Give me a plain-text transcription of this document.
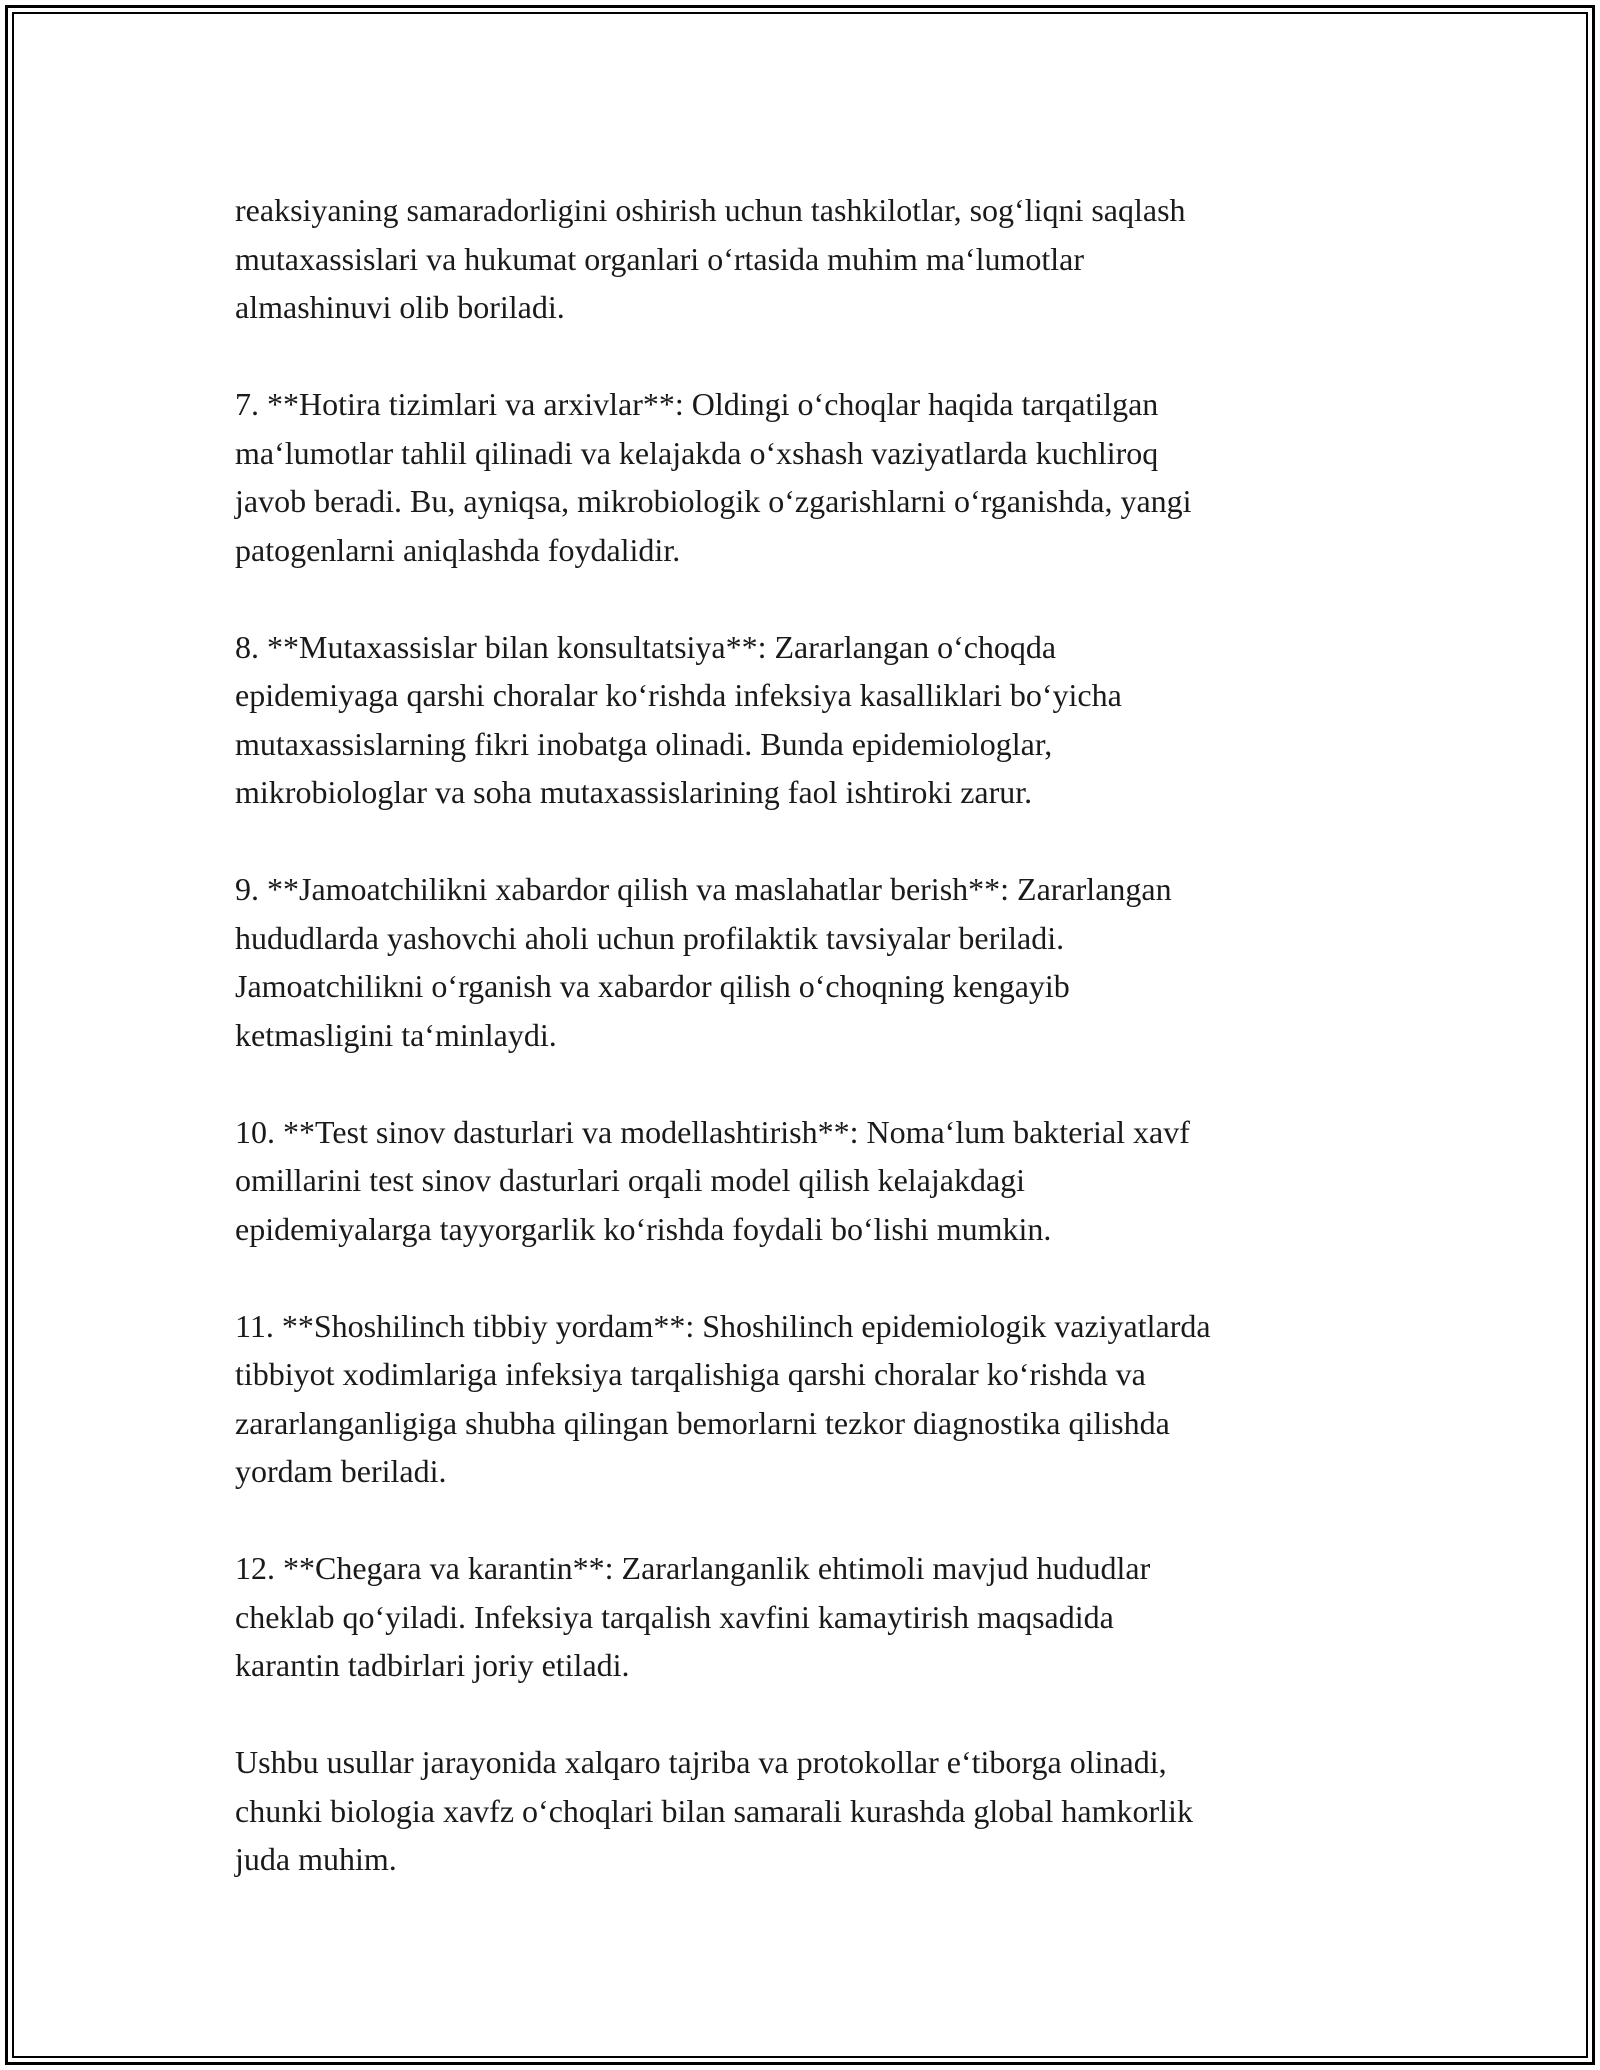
reaksiyaning samaradorligini oshirish uchun tashkilotlar, sog‘liqni saqlash
mutaxassislari va hukumat organlari o‘rtasida muhim ma‘lumotlar
almashinuvi olib boriladi.

7. **Hotira tizimlari va arxivlar**: Oldingi o‘choqlar haqida tarqatilgan
ma‘lumotlar tahlil qilinadi va kelajakda o‘xshash vaziyatlarda kuchliroq
javob beradi. Bu, ayniqsa, mikrobiologik o‘zgarishlarni o‘rganishda, yangi
patogenlarni aniqlashda foydalidir.

8. **Mutaxassislar bilan konsultatsiya**: Zararlangan o‘choqda
epidemiyaga qarshi choralar ko‘rishda infeksiya kasalliklari bo‘yicha
mutaxassislarning fikri inobatga olinadi. Bunda epidemiologlar,
mikrobiologlar va soha mutaxassislarining faol ishtiroki zarur.

9. **Jamoatchilikni xabardor qilish va maslahatlar berish**: Zararlangan
hududlarda yashovchi aholi uchun profilaktik tavsiyalar beriladi.
Jamoatchilikni o‘rganish va xabardor qilish o‘choqning kengayib
ketmasligini ta‘minlaydi.

10. **Test sinov dasturlari va modellashtirish**: Noma‘lum bakterial xavf
omillarini test sinov dasturlari orqali model qilish kelajakdagi
epidemiyalarga tayyorgarlik ko‘rishda foydali bo‘lishi mumkin.

11. **Shoshilinch tibbiy yordam**: Shoshilinch epidemiologik vaziyatlarda
tibbiyot xodimlariga infeksiya tarqalishiga qarshi choralar ko‘rishda va
zararlanganligiga shubha qilingan bemorlarni tezkor diagnostika qilishda
yordam beriladi.

12. **Chegara va karantin**: Zararlanganlik ehtimoli mavjud hududlar
cheklab qo‘yiladi. Infeksiya tarqalish xavfini kamaytirish maqsadida
karantin tadbirlari joriy etiladi.

Ushbu usullar jarayonida xalqaro tajriba va protokollar e‘tiborga olinadi,
chunki biologia xavfz o‘choqlari bilan samarali kurashda global hamkorlik
juda muhim.
